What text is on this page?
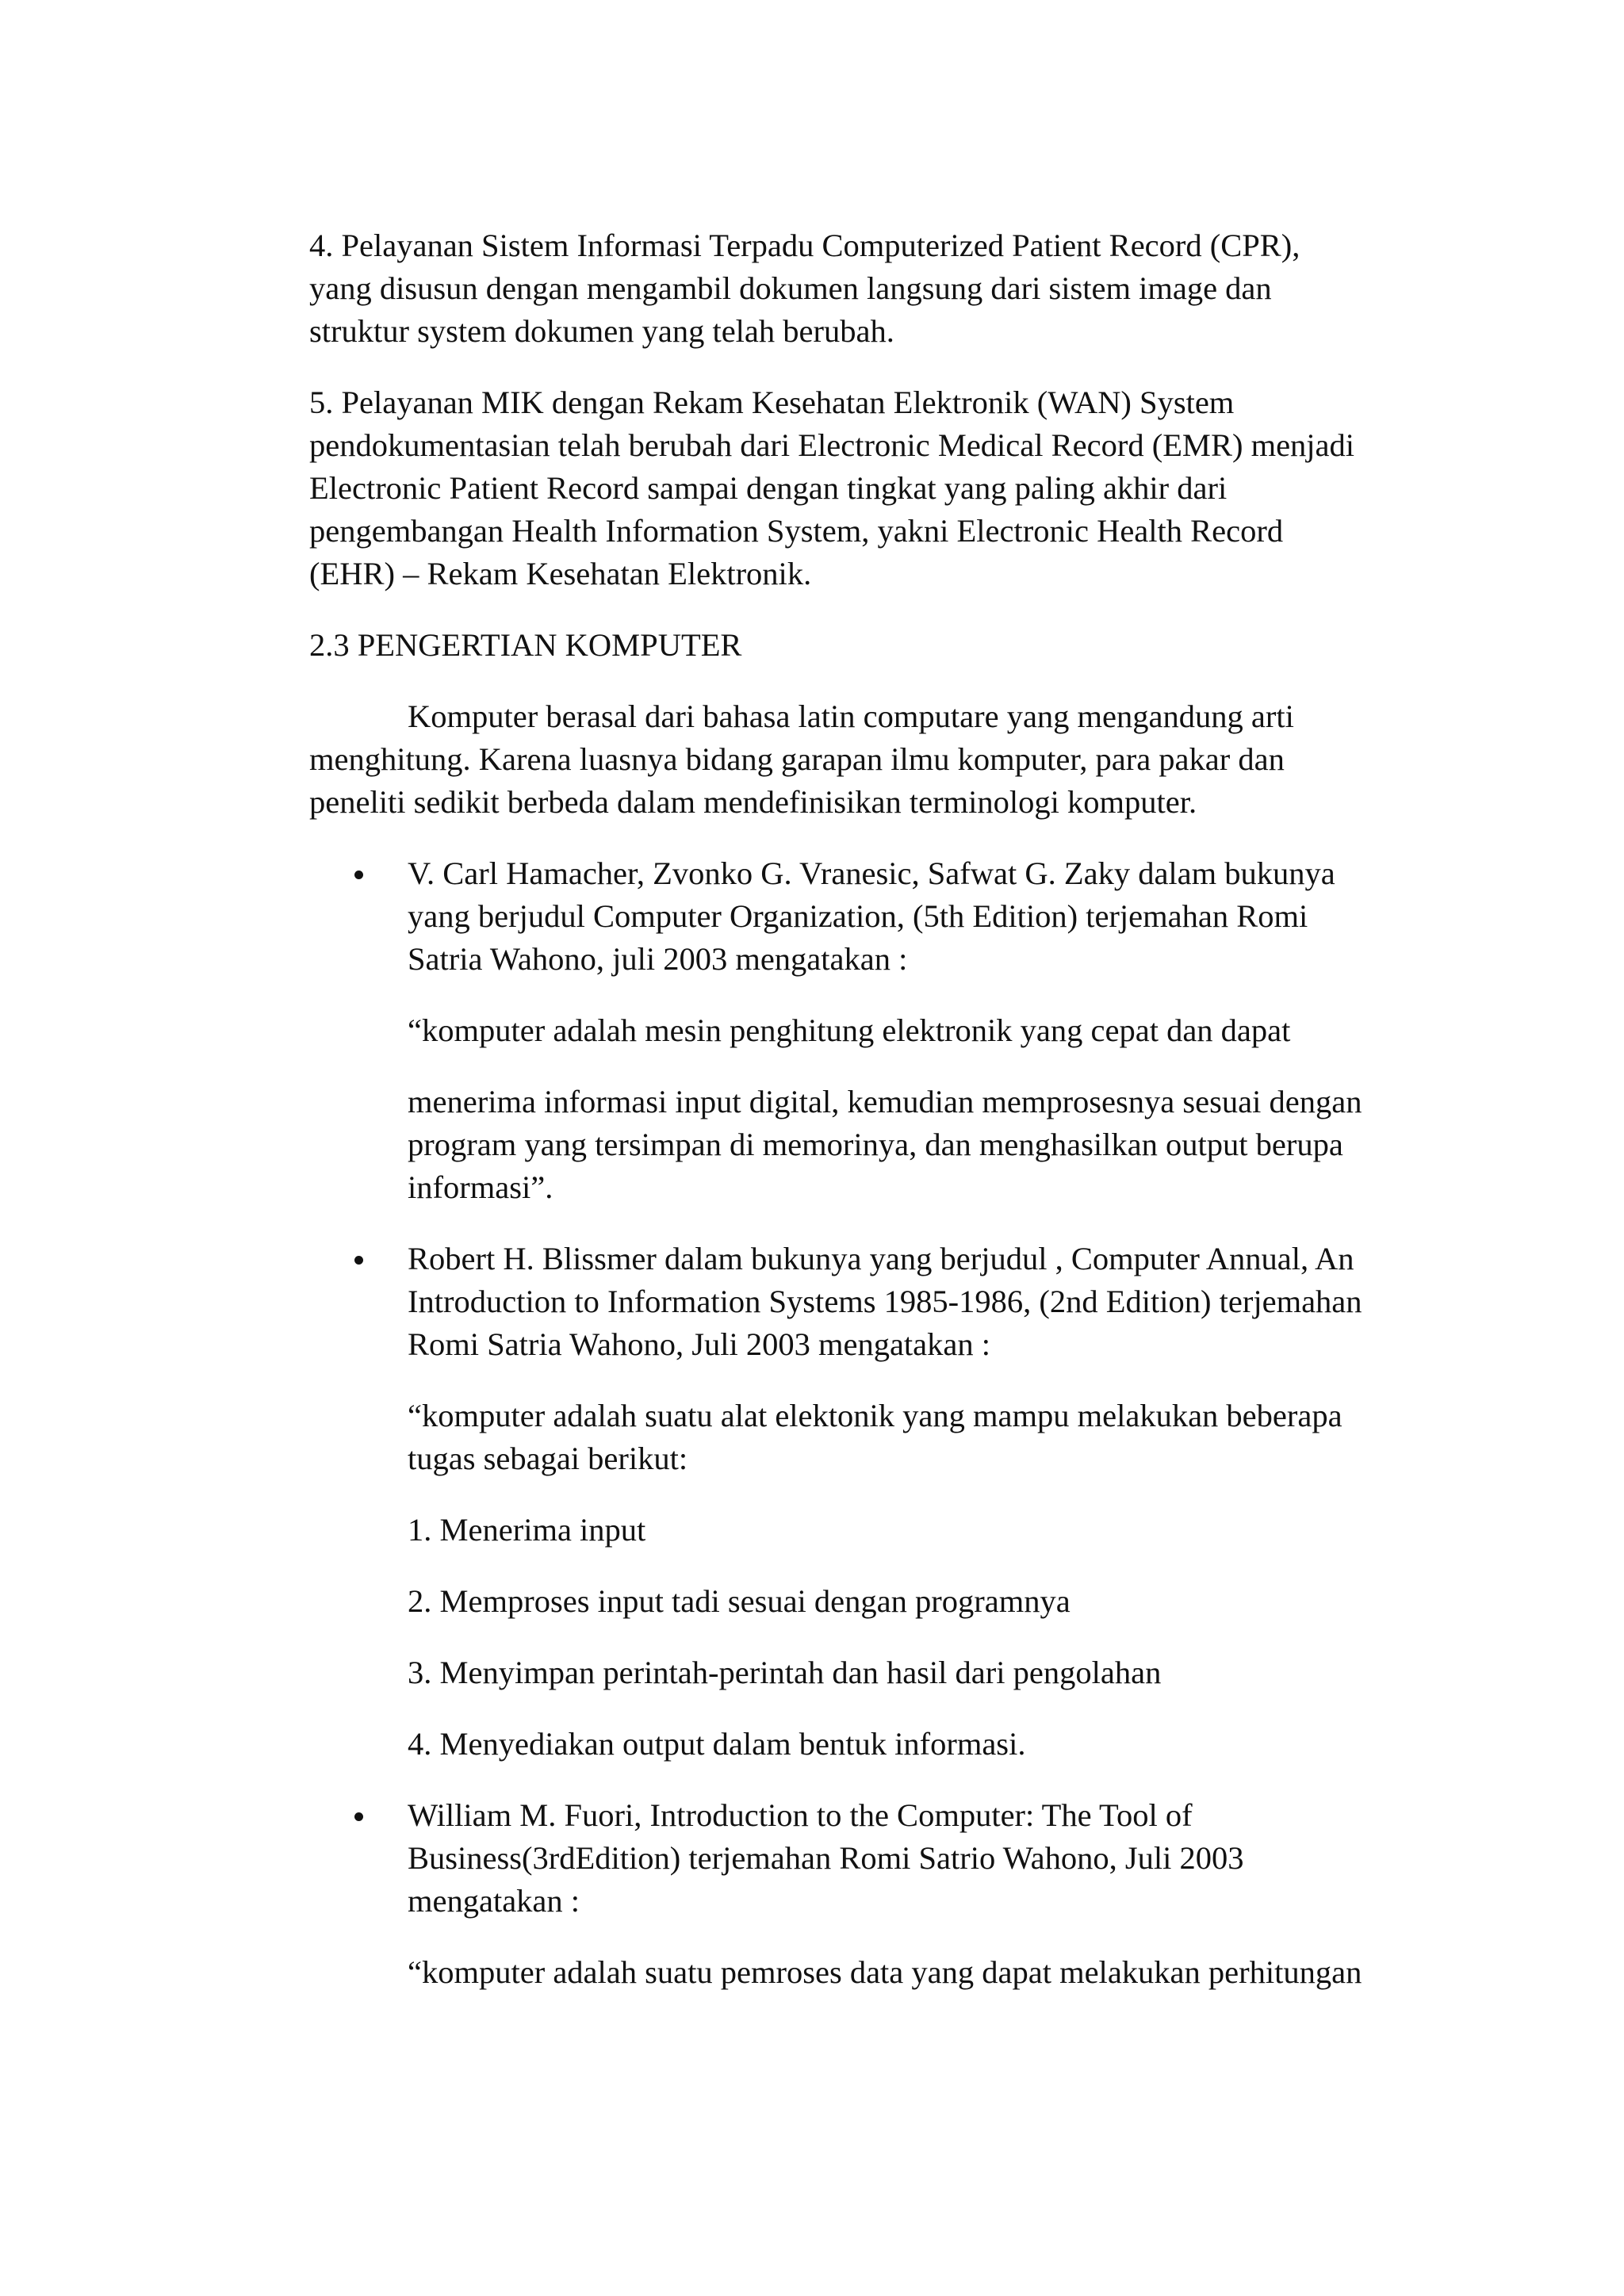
4. Pelayanan Sistem Informasi Terpadu Computerized Patient Record (CPR),
yang disusun dengan mengambil dokumen langsung dari sistem image dan
struktur system dokumen yang telah berubah.
5. Pelayanan MIK dengan Rekam Kesehatan Elektronik (WAN) System
pendokumentasian telah berubah dari Electronic Medical Record (EMR) menjadi
Electronic Patient Record sampai dengan tingkat yang paling akhir dari
pengembangan Health Information System, yakni Electronic Health Record
(EHR) – Rekam Kesehatan Elektronik.
2.3 PENGERTIAN KOMPUTER
Komputer berasal dari bahasa latin computare yang mengandung arti
menghitung. Karena luasnya bidang garapan ilmu komputer, para pakar dan
peneliti sedikit berbeda dalam mendefinisikan terminologi komputer.
V. Carl Hamacher, Zvonko G. Vranesic, Safwat G. Zaky dalam bukunya
yang berjudul Computer Organization, (5th Edition) terjemahan Romi
Satria Wahono, juli 2003 mengatakan :
“komputer adalah mesin penghitung elektronik yang cepat dan dapat
menerima informasi input digital, kemudian memprosesnya sesuai dengan
program yang tersimpan di memorinya, dan menghasilkan output berupa
informasi”.
Robert H. Blissmer dalam bukunya yang berjudul , Computer Annual, An
Introduction to Information Systems 1985-1986, (2nd Edition) terjemahan
Romi Satria Wahono, Juli 2003 mengatakan :
“komputer adalah suatu alat elektonik yang mampu melakukan beberapa
tugas sebagai berikut:
1. Menerima input
2. Memproses input tadi sesuai dengan programnya
3. Menyimpan perintah-perintah dan hasil dari pengolahan
4. Menyediakan output dalam bentuk informasi.
William M. Fuori, Introduction to the Computer: The Tool of
Business(3rdEdition) terjemahan Romi Satrio Wahono, Juli 2003
mengatakan :
“komputer adalah suatu pemroses data yang dapat melakukan perhitungan
